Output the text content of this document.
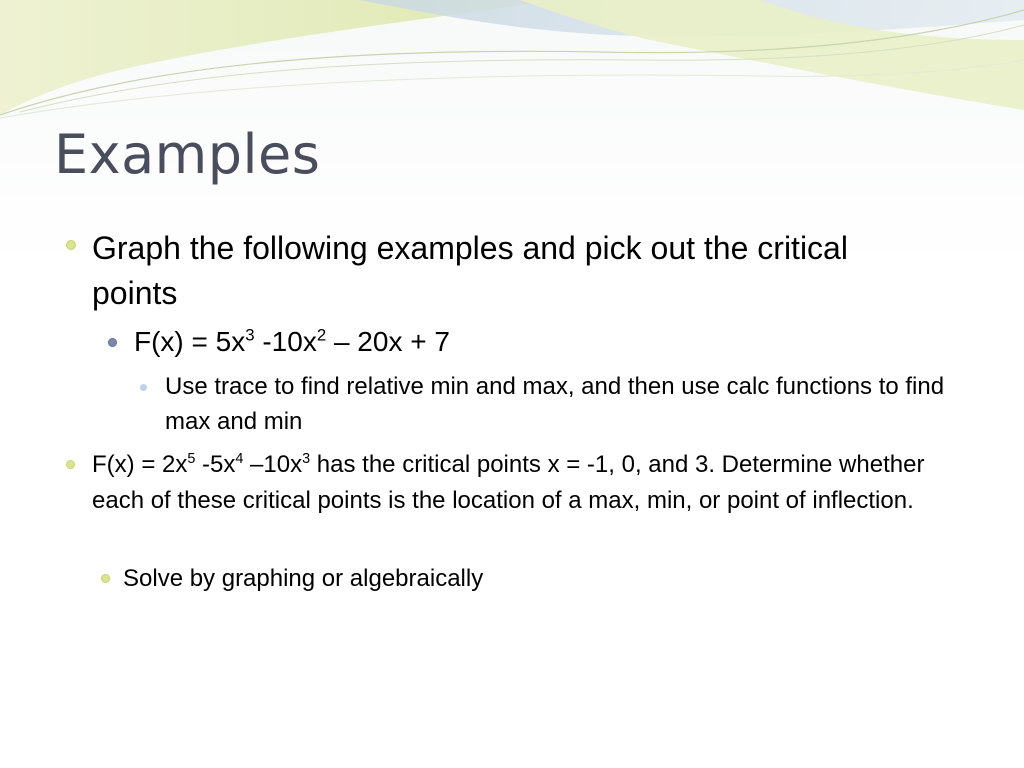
Examples

Graph the following examples and pick out the critical points

$F(x) = 5x^3$ $-10x^2 - 20x + 7$

Use trace to find relative min and max, and then use calc functions to find max and min

$F(x) = 2x^5$ $-5x^4$ $-10x^3$ has the critical points x = -1, 0, and 3. Determine whether each of these critical points is the location of a max, min, or point of inflection.

Solve by graphing or algebraically
